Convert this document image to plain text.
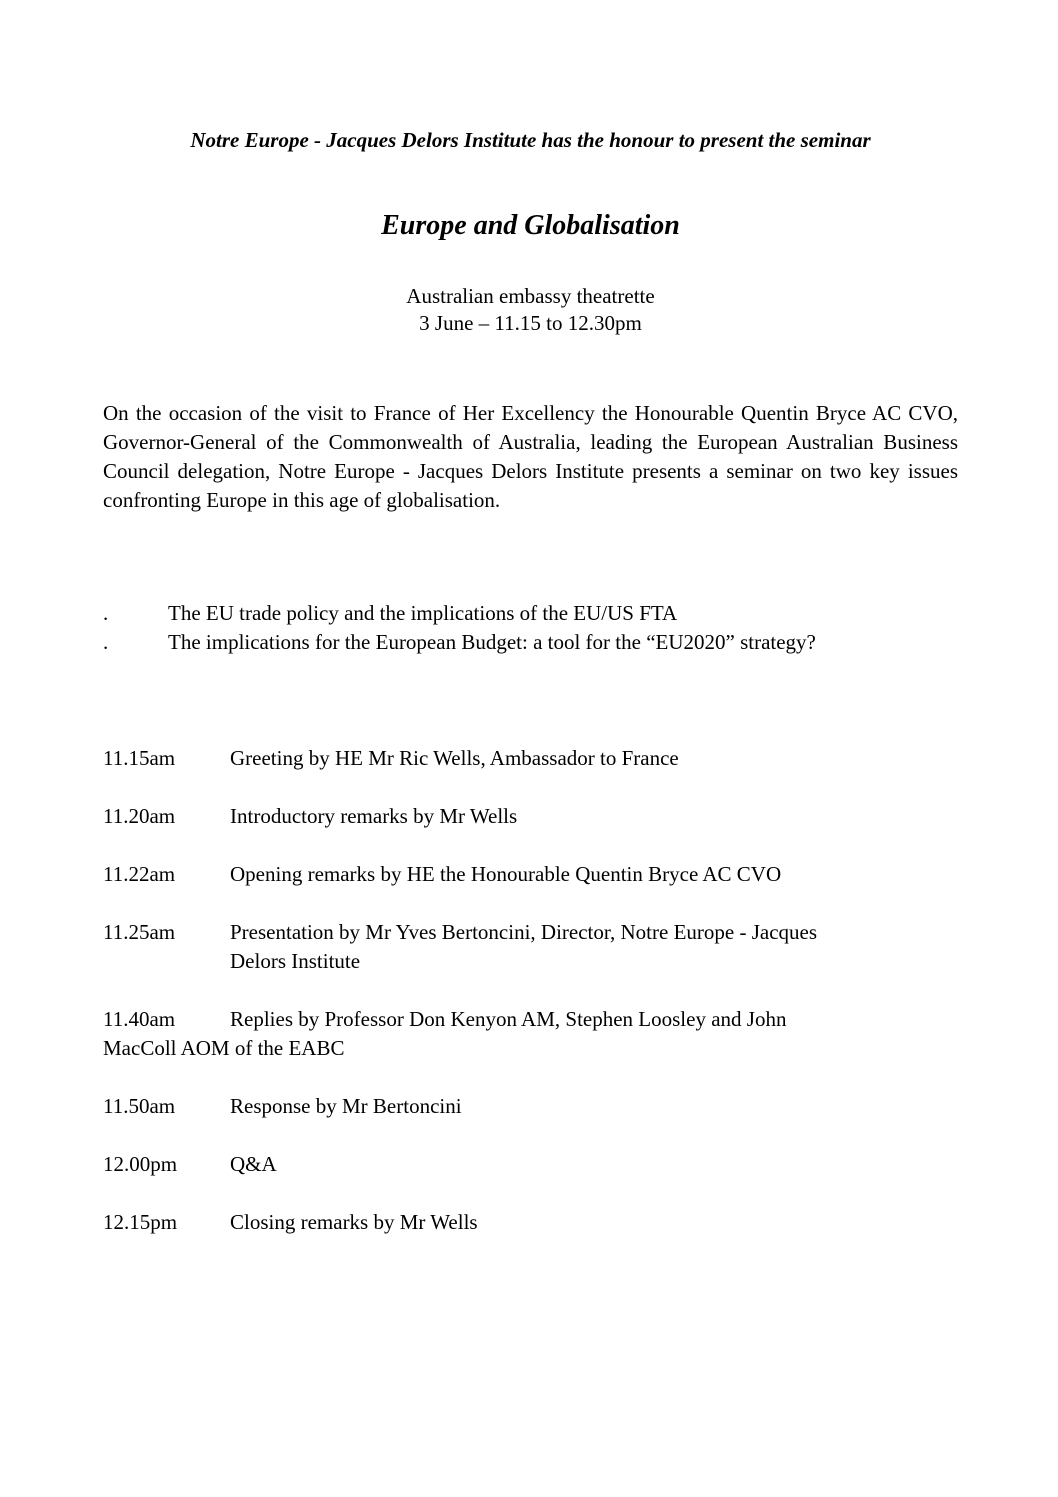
Notre Europe - Jacques Delors Institute has the honour to present the seminar
Europe and Globalisation
Australian embassy theatrette
3 June – 11.15 to 12.30pm
On the occasion of the visit to France of Her Excellency the Honourable Quentin Bryce AC CVO, Governor-General of the Commonwealth of Australia, leading the European Australian Business Council delegation, Notre Europe - Jacques Delors Institute presents a seminar on two key issues confronting Europe in this age of globalisation.
.	The EU trade policy and the implications of the EU/US FTA
.	The implications for the European Budget: a tool for the “EU2020” strategy?
11.15am	Greeting by HE Mr Ric Wells, Ambassador to France
11.20am	Introductory remarks by Mr Wells
11.22am	Opening remarks by HE the Honourable Quentin Bryce AC CVO
11.25am	Presentation by Mr Yves Bertoncini, Director, Notre Europe - Jacques
Delors Institute
11.40am	Replies by Professor Don Kenyon AM, Stephen Loosley and John
MacColl AOM of the EABC
11.50am	Response by Mr Bertoncini
12.00pm	Q&A
12.15pm	Closing remarks by Mr Wells
